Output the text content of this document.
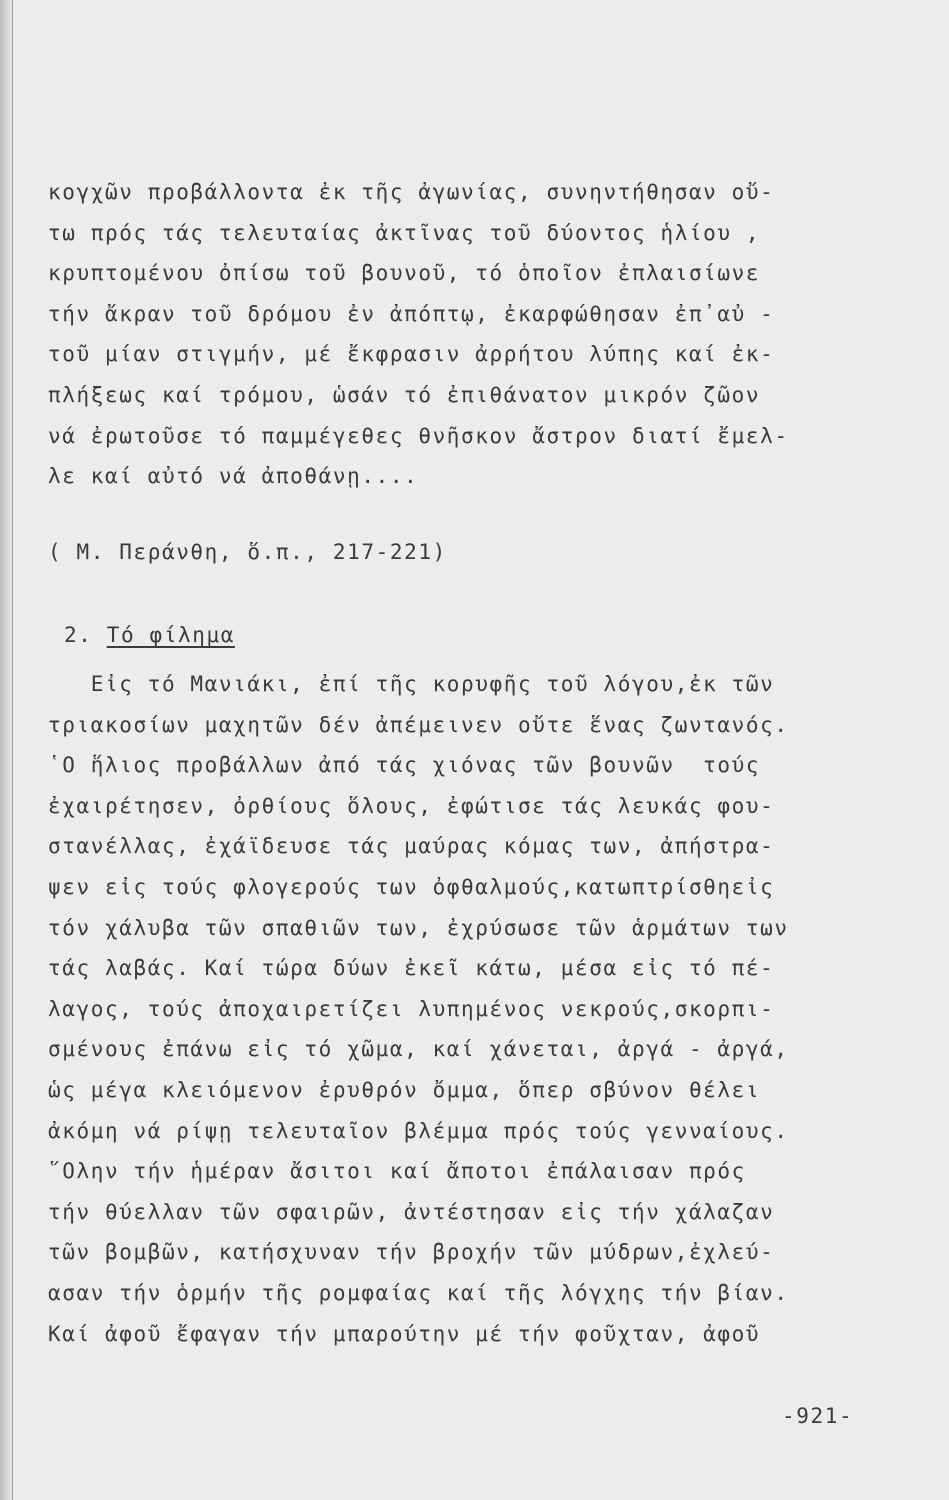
κογχῶν προβάλλοντα ἐκ τῆς ἀγωνίας, συνηντήθησαν οὔ-
τω πρός τάς τελευταίας ἀκτῖνας τοῦ δύοντος ἡλίου ,
κρυπτομένου ὀπίσω τοῦ βουνοῦ, τό ὁποῖον ἐπλαισίωνε
τήν ἄκραν τοῦ δρόμου ἐν ἀπόπτῳ, ἐκαρφώθησαν ἐπ᾿αὐ -
τοῦ μίαν στιγμήν, μέ ἔκφρασιν ἀρρήτου λύπης καί ἐκ-
πλήξεως καί τρόμου, ὡσάν τό ἐπιθάνατον μικρόν ζῶον
νά ἐρωτοῦσε τό παμμέγεθες θνῆσκον ἄστρον διατί ἔμελ-
λε καί αὐτό νά ἀποθάνῃ....
( Μ. Περάνθη, ὅ.π., 217-221)
2. Τό φίλημα
Εἰς τό Μανιάκι, ἐπί τῆς κορυφῆς τοῦ λόγου,ἐκ τῶν
τριακοσίων μαχητῶν δέν ἀπέμεινεν οὔτε ἕνας ζωντανός.
῾Ο ἥλιος προβάλλων ἀπό τάς χιόνας τῶν βουνῶν  τούς
ἐχαιρέτησεν, ὀρθίους ὅλους, ἐφώτισε τάς λευκάς φου-
στανέλλας, ἐχάϊδευσε τάς μαύρας κόμας των, ἀπήστρα-
ψεν εἰς τούς φλογερούς των ὀφθαλμούς,κατωπτρίσθηεἰς
τόν χάλυβα τῶν σπαθιῶν των, ἐχρύσωσε τῶν ἁρμάτων των
τάς λαβάς. Καί τώρα δύων ἐκεῖ κάτω, μέσα εἰς τό πέ-
λαγος, τούς ἀποχαιρετίζει λυπημένος νεκρούς,σκορπι-
σμένους ἐπάνω εἰς τό χῶμα, καί χάνεται, ἀργά - ἀργά,
ὡς μέγα κλειόμενον ἐρυθρόν ὄμμα, ὅπερ σβύνον θέλει
ἀκόμη νά ρίψῃ τελευταῖον βλέμμα πρός τούς γενναίους.
῞Ολην τήν ἡμέραν ἄσιτοι καί ἄποτοι ἐπάλαισαν πρός
τήν θύελλαν τῶν σφαιρῶν, ἀντέστησαν εἰς τήν χάλαζαν
τῶν βομβῶν, κατήσχυναν τήν βροχήν τῶν μύδρων,ἐχλεύ-
ασαν τήν ὁρμήν τῆς ρομφαίας καί τῆς λόγχης τήν βίαν.
Καί ἀφοῦ ἔφαγαν τήν μπαρούτην μέ τήν φοῦχταν, ἀφοῦ
-921-
